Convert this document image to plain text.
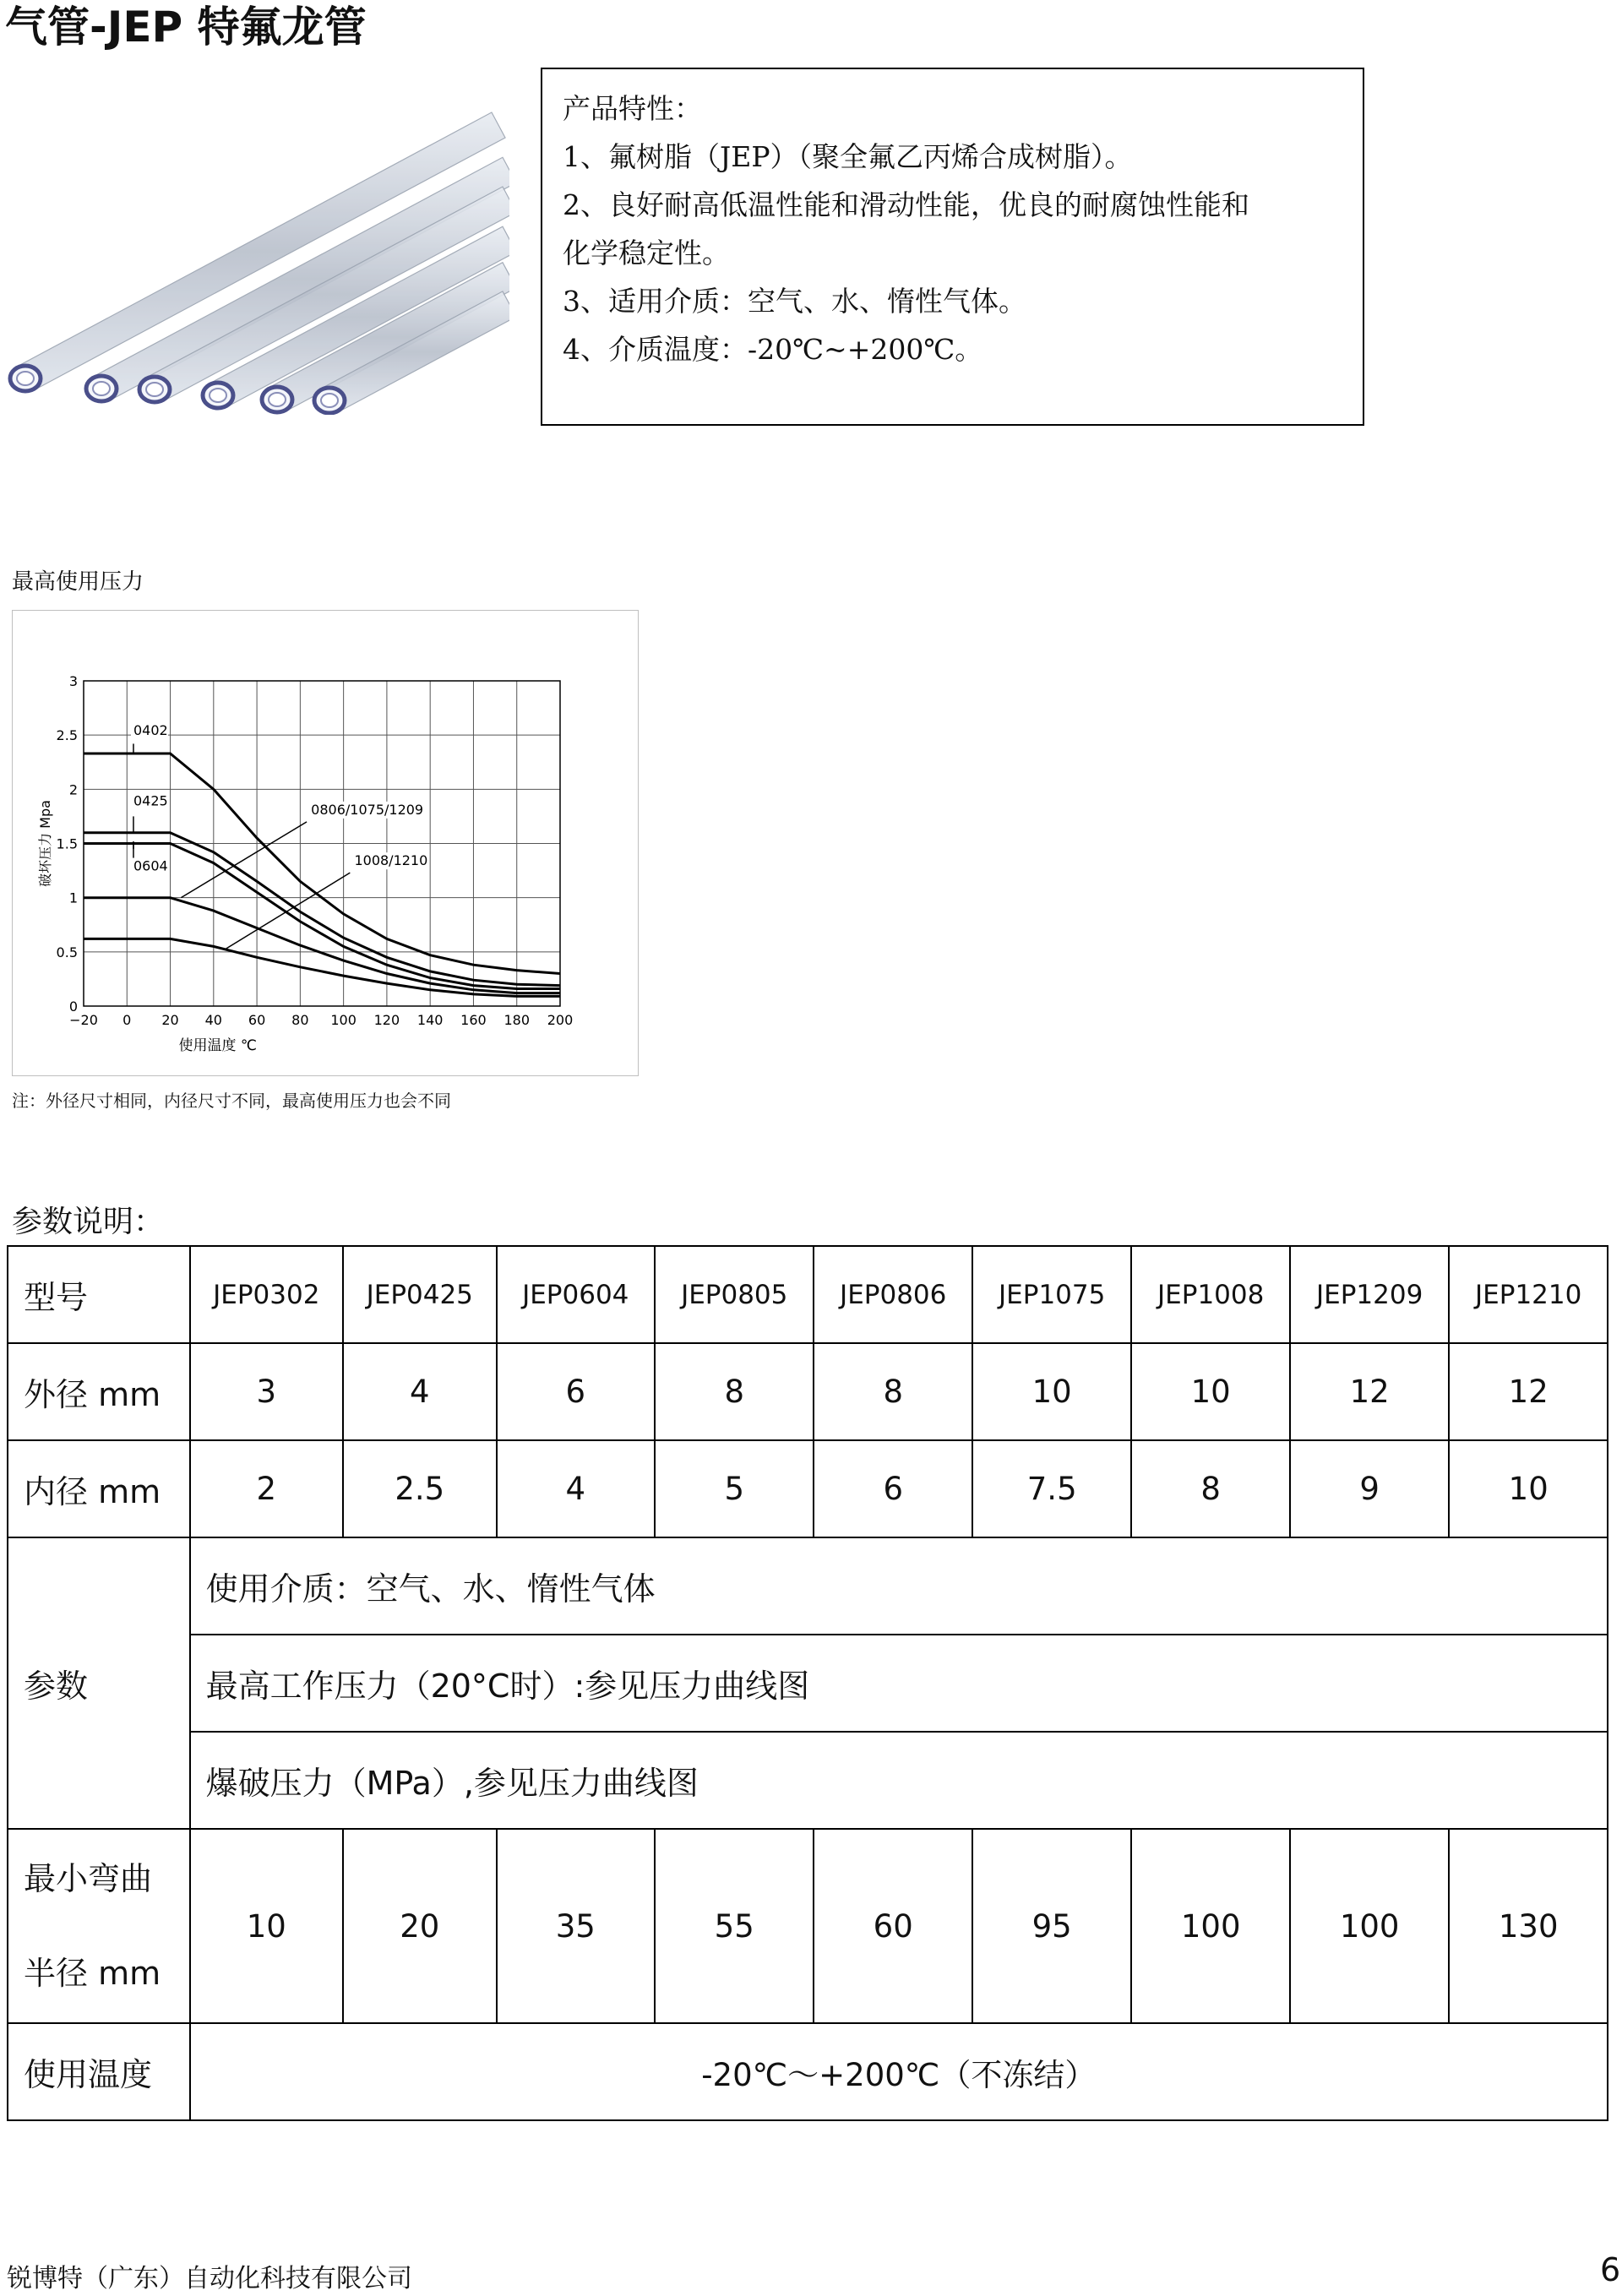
气管-JEP 特氟龙管
产品特性：
1、氟树脂（JEP）（聚全氟乙丙烯合成树脂）。
2、良好耐高低温性能和滑动性能，优良的耐腐蚀性能和
化学稳定性。
3、适用介质：空气、水、惰性气体。
4、介质温度：-20℃~+200℃。
最高使用压力
−20 0 20 40 60 80 100 120 140 160 180 200
0
0.5
1
1.5
2
2.5
3
使用温度 ℃
破坏压力 Mpa
0402
0425
0604
0806/1075/1209
1008/1210
注：外径尺寸相同，内径尺寸不同，最高使用压力也会不同
参数说明：
型号	JEP0302	JEP0425	JEP0604	JEP0805	JEP0806	JEP1075	JEP1008	JEP1209	JEP1210
外径 mm	3	4	6	8	8	10	10	12	12
内径 mm	2	2.5	4	5	6	7.5	8	9	10
参数	使用介质：空气、水、惰性气体								
	最高工作压力（20°C时）:参见压力曲线图								
	爆破压力（MPa）,参见压力曲线图								
最小弯曲
半径 mm	10	20	35	55	60	95	100	100	130
使用温度	-20℃～+200℃（不冻结）								
锐博特（广东）自动化科技有限公司	6
